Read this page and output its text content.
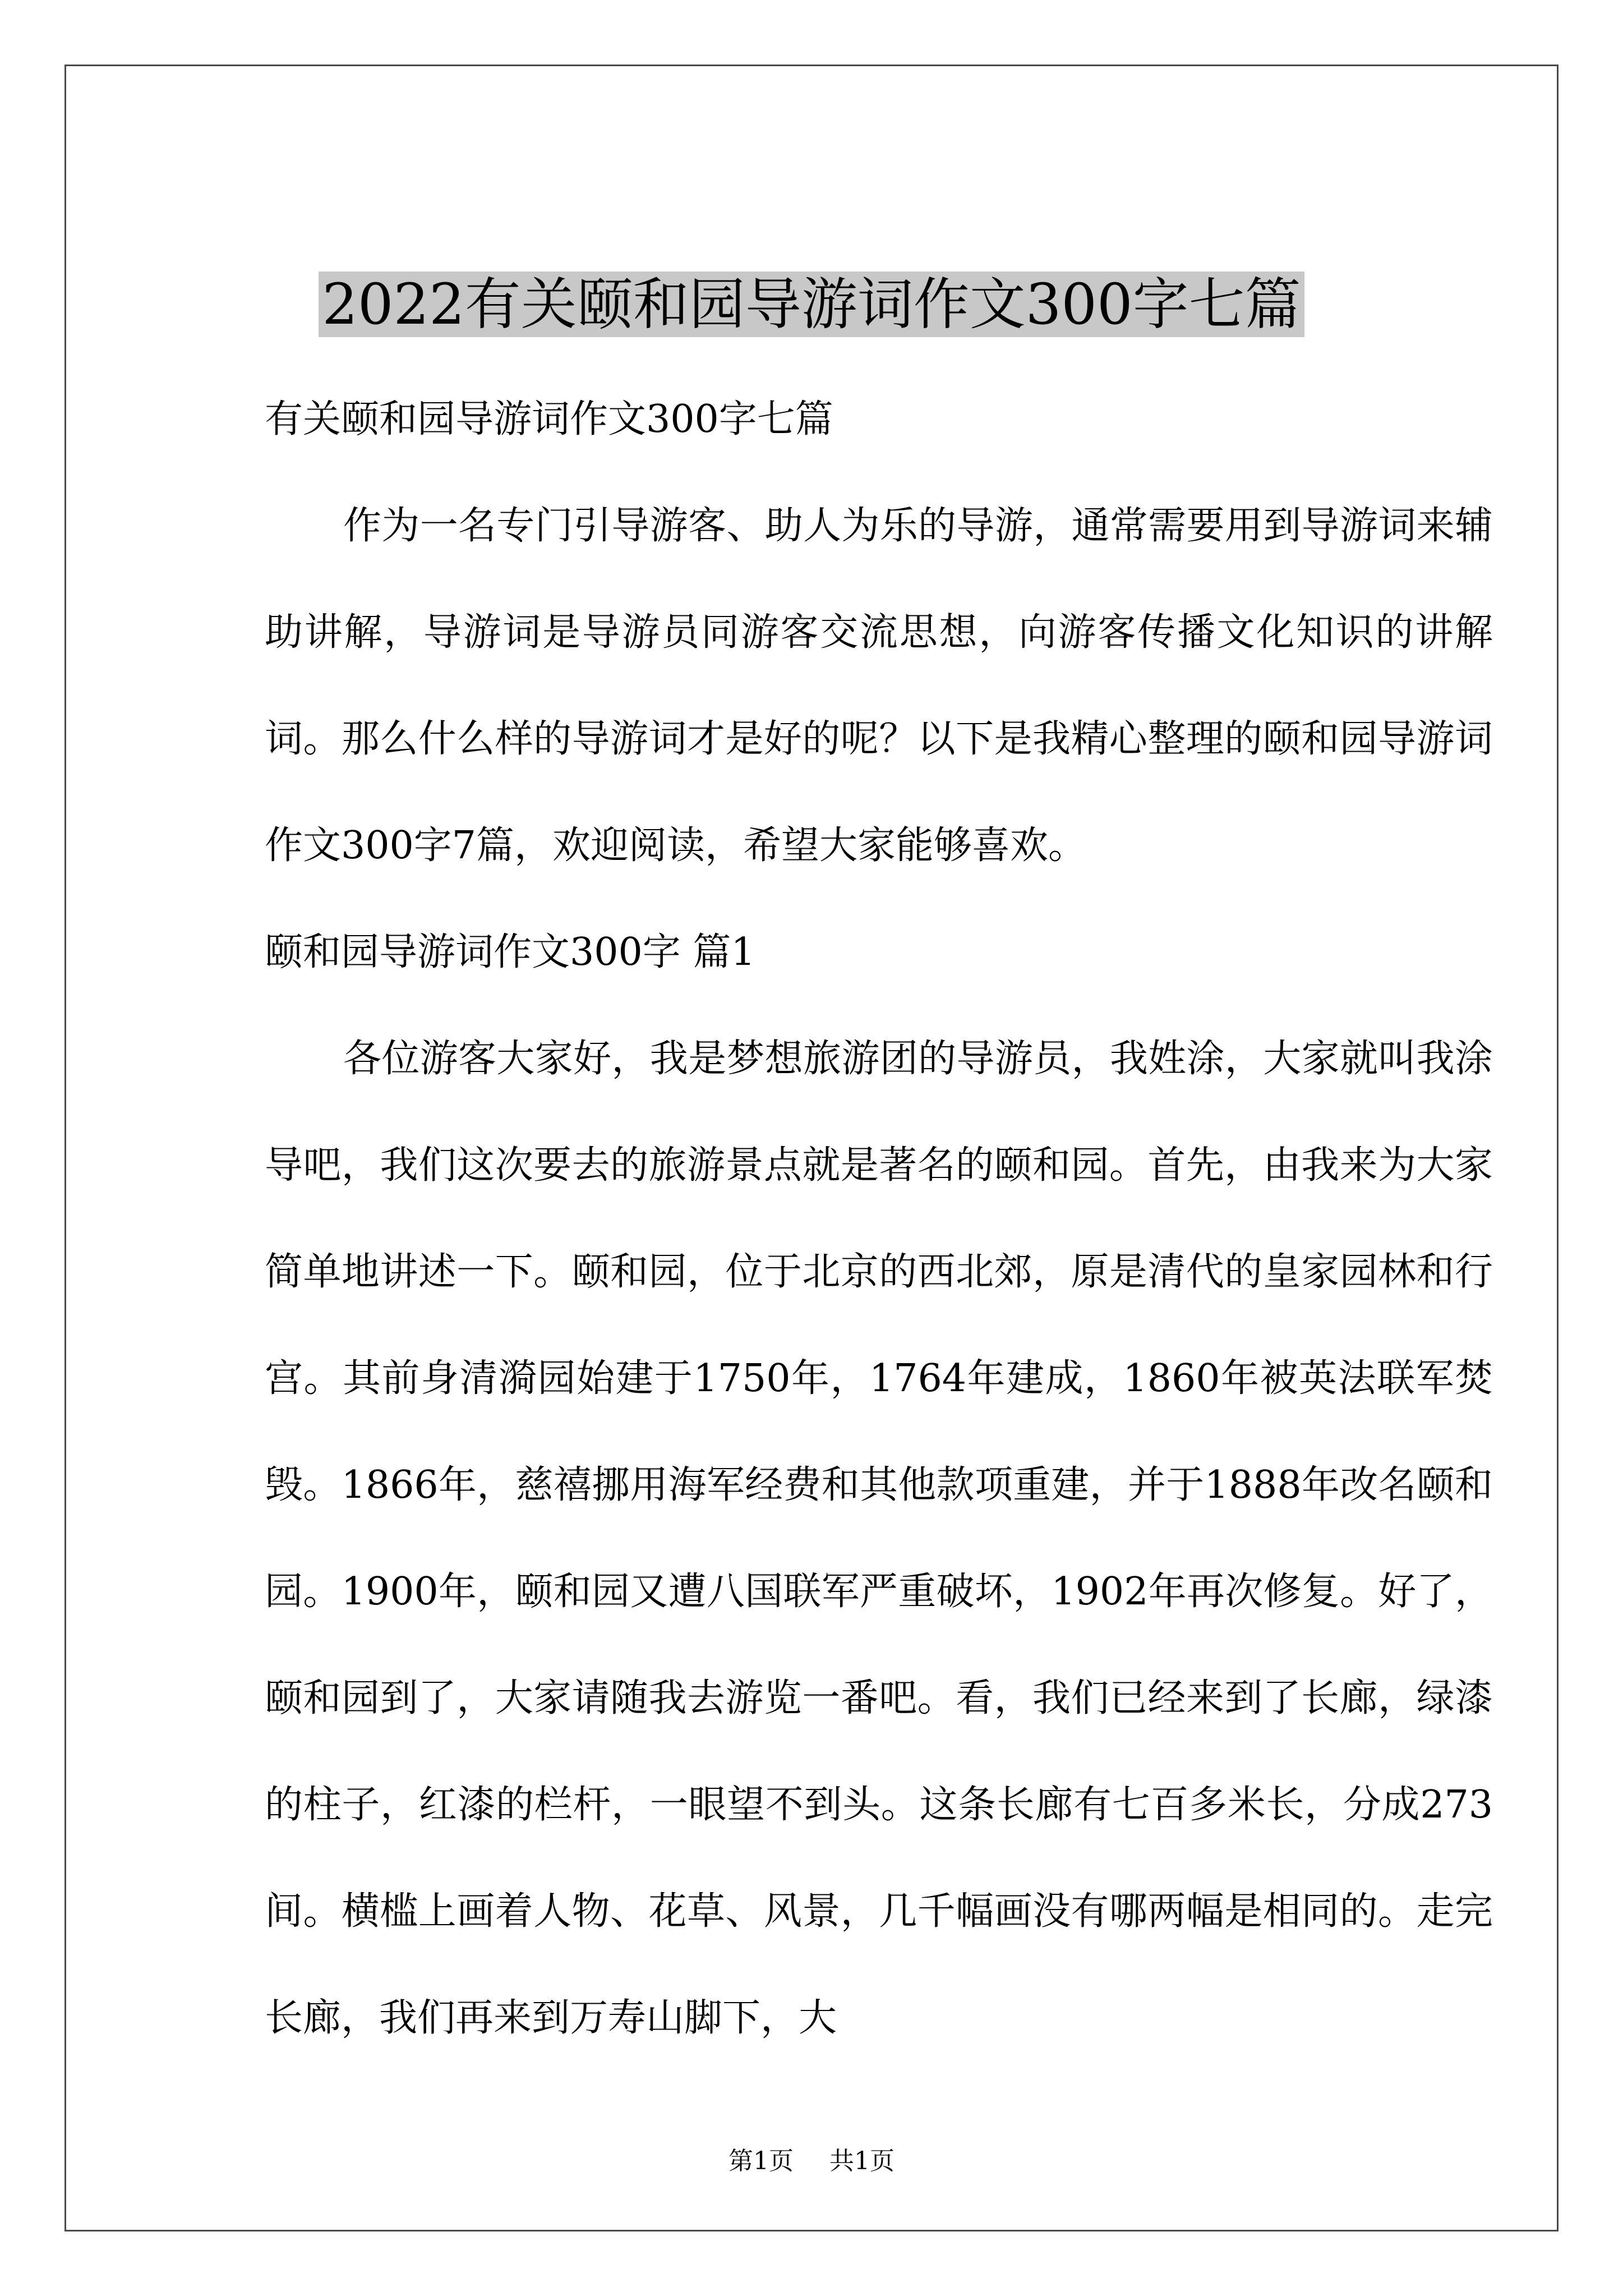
2022有关颐和园导游词作文300字七篇

有关颐和园导游词作文300字七篇

作为一名专门引导游客、助人为乐的导游，通常需要用到导游词来辅助讲解，导游词是导游员同游客交流思想，向游客传播文化知识的讲解词。那么什么样的导游词才是好的呢？以下是我精心整理的颐和园导游词作文300字7篇，欢迎阅读，希望大家能够喜欢。

颐和园导游词作文300字 篇1

各位游客大家好，我是梦想旅游团的导游员，我姓涂，大家就叫我涂导吧，我们这次要去的旅游景点就是著名的颐和园。首先，由我来为大家简单地讲述一下。颐和园，位于北京的西北郊，原是清代的皇家园林和行宫。其前身清漪园始建于1750年，1764年建成，1860年被英法联军焚毁。1866年，慈禧挪用海军经费和其他款项重建，并于1888年改名颐和园。1900年，颐和园又遭八国联军严重破坏，1902年再次修复。好了，颐和园到了，大家请随我去游览一番吧。看，我们已经来到了长廊，绿漆的柱子，红漆的栏杆，一眼望不到头。这条长廊有七百多米长，分成273间。横槛上画着人物、花草、风景，几千幅画没有哪两幅是相同的。走完长廊，我们再来到万寿山脚下，大

第1页 共1页
